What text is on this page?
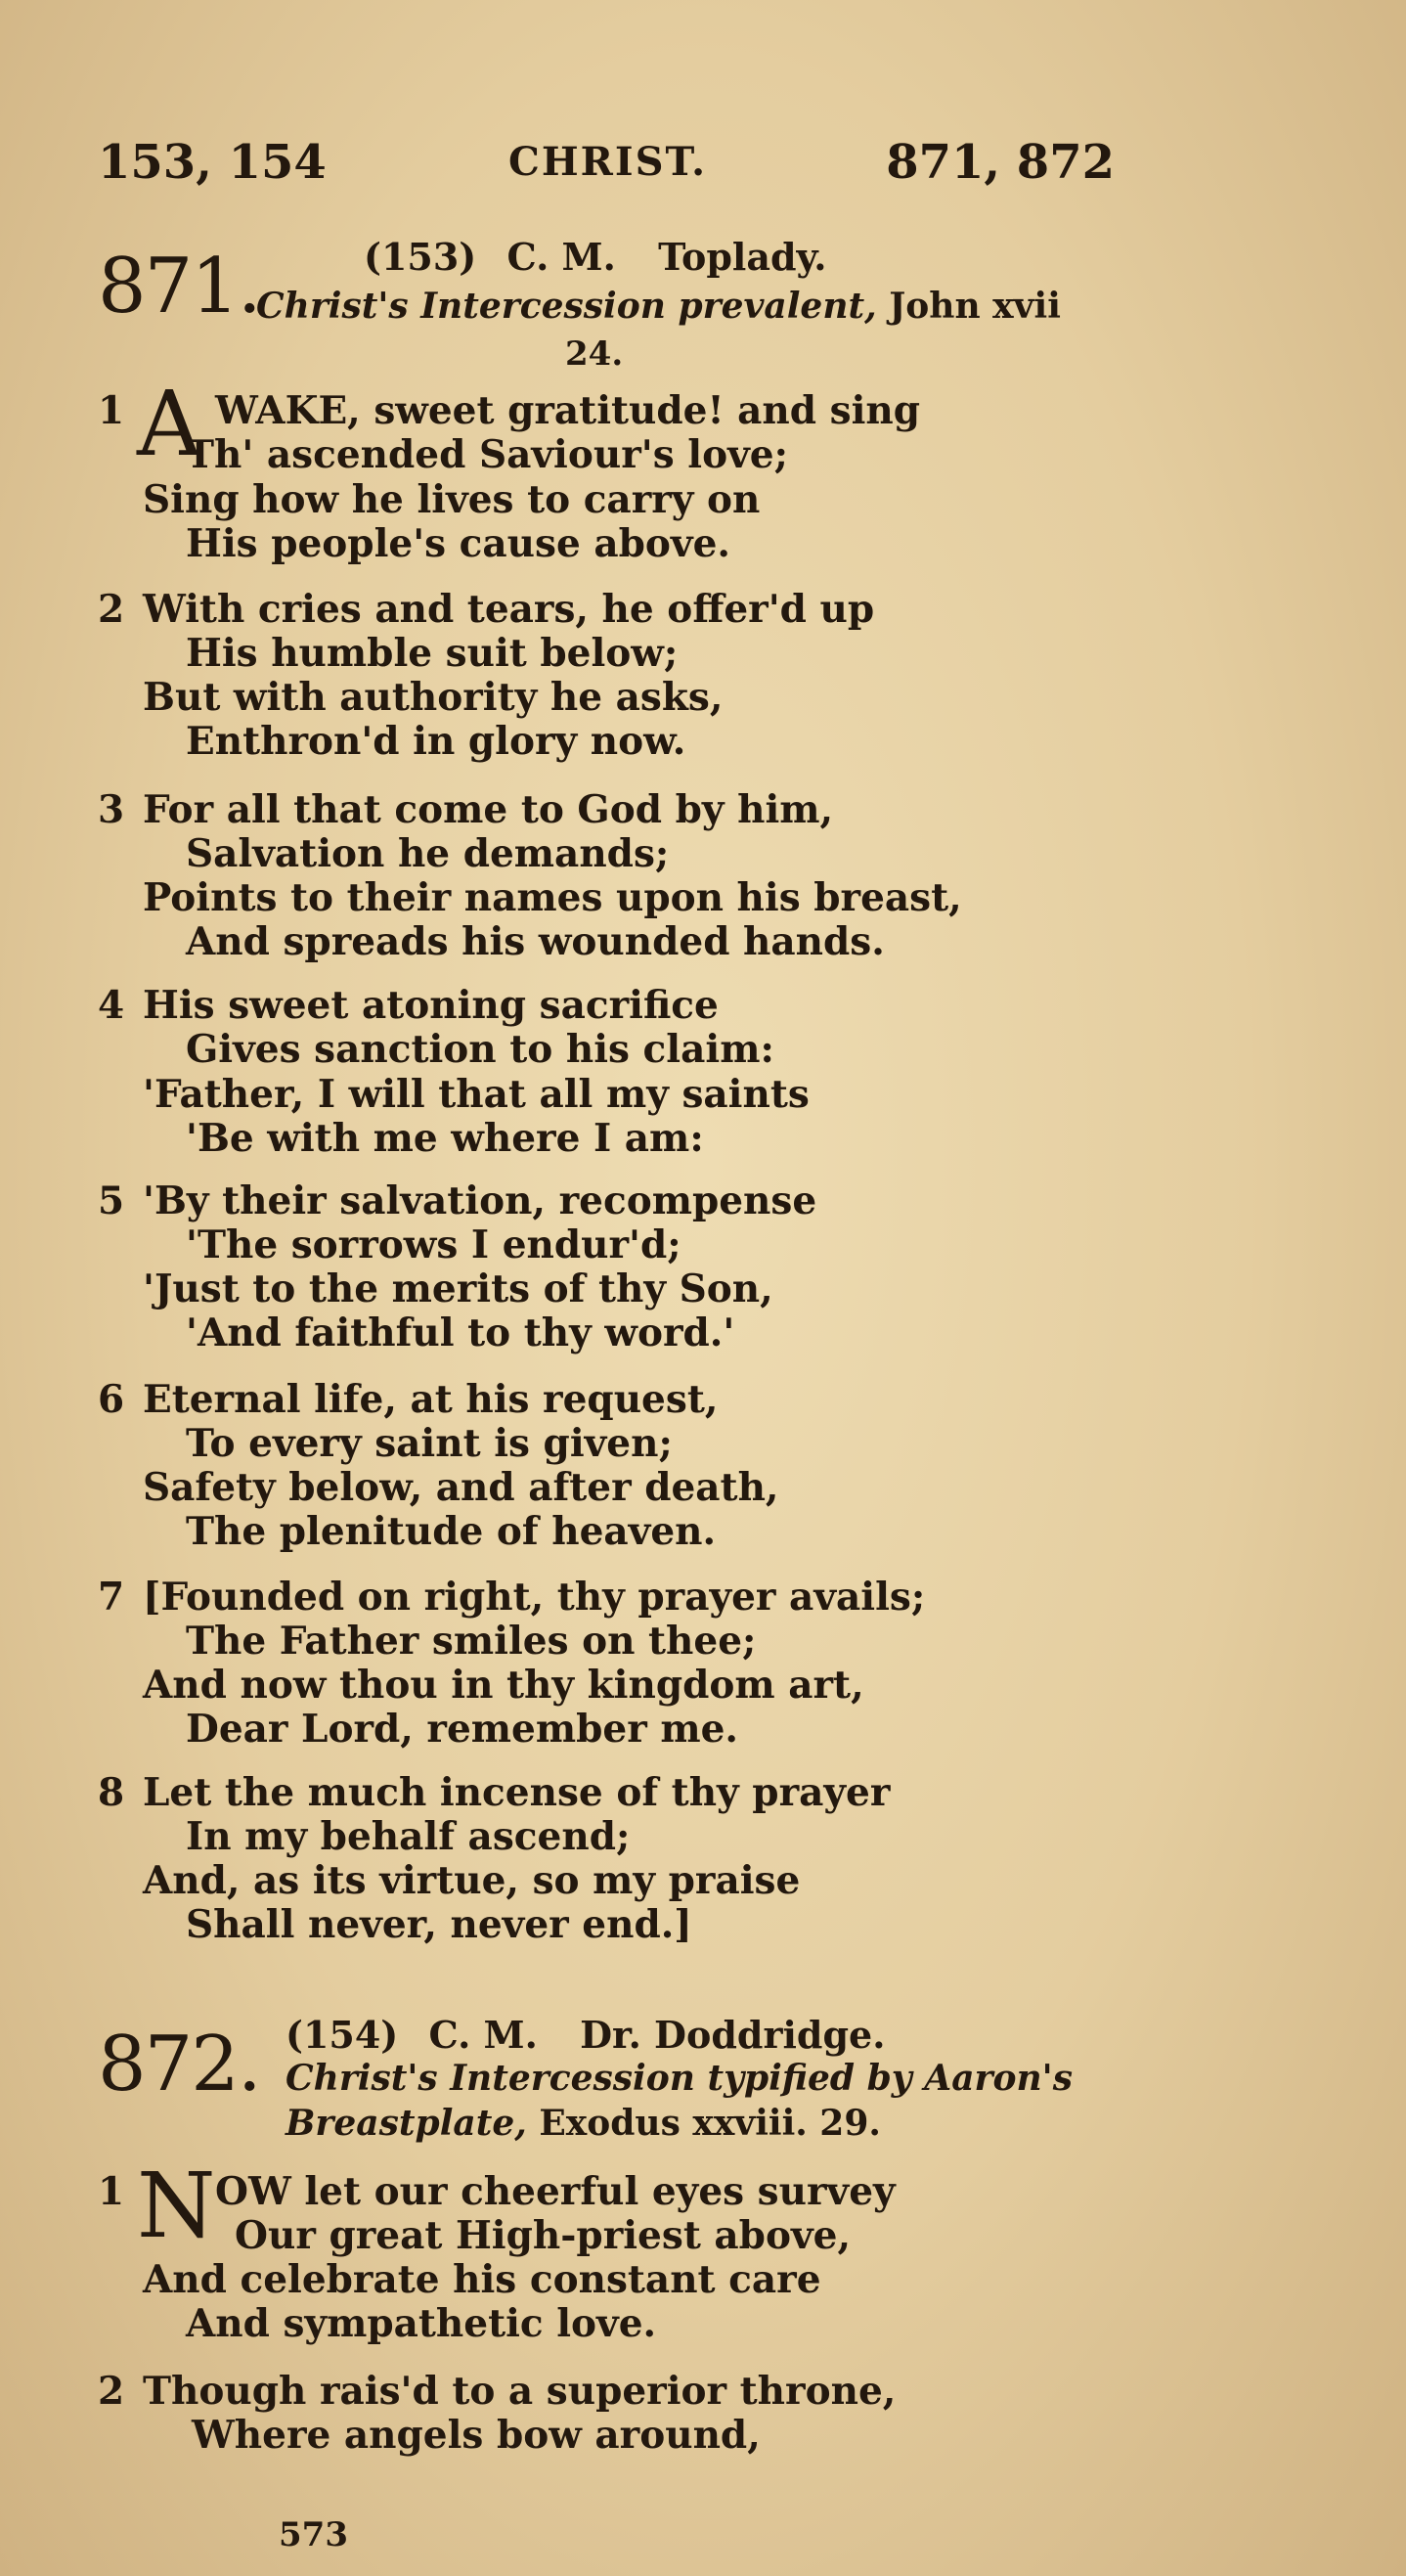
153, 154	CHRIST.	871, 872
871.	(153) C. M. Toplady.
Christ's Intercession prevalent, John xvii
24.
1 A WAKE, sweet gratitude! and sing
Th' ascended Saviour's love;
Sing how he lives to carry on
His people's cause above.
2 With cries and tears, he offer'd up
His humble suit below;
But with authority he asks,
Enthron'd in glory now.
3 For all that come to God by him,
Salvation he demands;
Points to their names upon his breast,
And spreads his wounded hands.
4 His sweet atoning sacrifice
Gives sanction to his claim:
'Father, I will that all my saints
'Be with me where I am:
5 'By their salvation, recompense
'The sorrows I endur'd;
'Just to the merits of thy Son,
'And faithful to thy word.'
6 Eternal life, at his request,
To every saint is given;
Safety below, and after death,
The plenitude of heaven.
7 [Founded on right, thy prayer avails;
The Father smiles on thee;
And now thou in thy kingdom art,
Dear Lord, remember me.
8 Let the much incense of thy prayer
In my behalf ascend;
And, as its virtue, so my praise
Shall never, never end.]
872. (154) C. M. Dr. Doddridge.
Christ's Intercession typified by Aaron's
Breastplate, Exodus xxviii. 29.
1 N OW let our cheerful eyes survey
Our great High-priest above,
And celebrate his constant care
And sympathetic love.
2 Though rais'd to a superior throne,
Where angels bow around,
573
